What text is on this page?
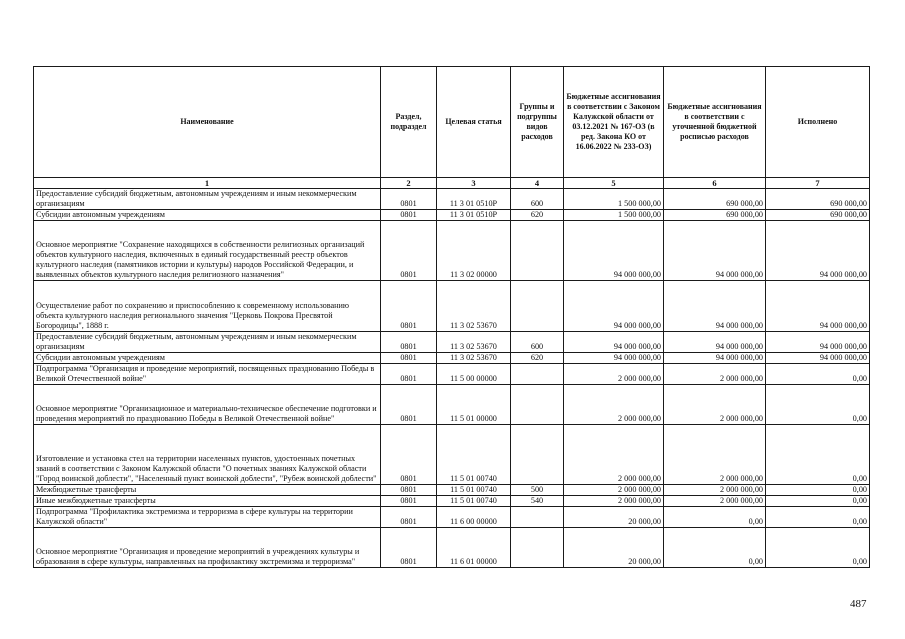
Наименование	Раздел, подраздел	Целевая статья	Группы и подгруппы видов расходов	Бюджетные ассигнования в соответствии с Законом Калужской области от 03.12.2021 № 167-ОЗ (в ред. Закона КО от 16.06.2022 № 233-ОЗ)	Бюджетные ассигнования в соответствии с уточненной бюджетной росписью расходов	Исполнено
1	2	3	4	5	6	7
Предоставление субсидий бюджетным, автономным учреждениям и иным некоммерческим организациям	0801	11 3 01 0510P	600	1 500 000,00	690 000,00	690 000,00
Субсидии автономным учреждениям	0801	11 3 01 0510P	620	1 500 000,00	690 000,00	690 000,00
Основное мероприятие "Сохранение находящихся в собственности религиозных организаций объектов культурного наследия, включенных в единый государственный реестр объектов культурного наследия (памятников истории и культуры) народов Российской Федерации, и выявленных объектов культурного наследия религиозного назначения"	0801	11 3 02 00000		94 000 000,00	94 000 000,00	94 000 000,00
Осуществление работ по сохранению и приспособлению к современному использованию объекта культурного наследия регионального значения "Церковь Покрова Пресвятой Богородицы", 1888 г.	0801	11 3 02 53670		94 000 000,00	94 000 000,00	94 000 000,00
Предоставление субсидий бюджетным, автономным учреждениям и иным некоммерческим организациям	0801	11 3 02 53670	600	94 000 000,00	94 000 000,00	94 000 000,00
Субсидии автономным учреждениям	0801	11 3 02 53670	620	94 000 000,00	94 000 000,00	94 000 000,00
Подпрограмма "Организация и проведение мероприятий, посвященных празднованию Победы в Великой Отечественной войне"	0801	11 5 00 00000		2 000 000,00	2 000 000,00	0,00
Основное мероприятие "Организационное и материально-техническое обеспечение подготовки и проведения мероприятий по празднованию Победы в Великой Отечественной войне"	0801	11 5 01 00000		2 000 000,00	2 000 000,00	0,00
Изготовление и установка стел на территории населенных пунктов, удостоенных почетных званий в соответствии с Законом Калужской области "О почетных званиях Калужской области "Город воинской доблести", "Населенный пункт воинской доблести", "Рубеж воинской доблести"	0801	11 5 01 00740		2 000 000,00	2 000 000,00	0,00
Межбюджетные трансферты	0801	11 5 01 00740	500	2 000 000,00	2 000 000,00	0,00
Иные межбюджетные трансферты	0801	11 5 01 00740	540	2 000 000,00	2 000 000,00	0,00
Подпрограмма "Профилактика экстремизма и терроризма в сфере культуры на территории Калужской области"	0801	11 6 00 00000		20 000,00	0,00	0,00
Основное мероприятие "Организация и проведение мероприятий в учреждениях культуры и образования в сфере культуры, направленных на профилактику экстремизма и терроризма"	0801	11 6 01 00000		20 000,00	0,00	0,00
487
